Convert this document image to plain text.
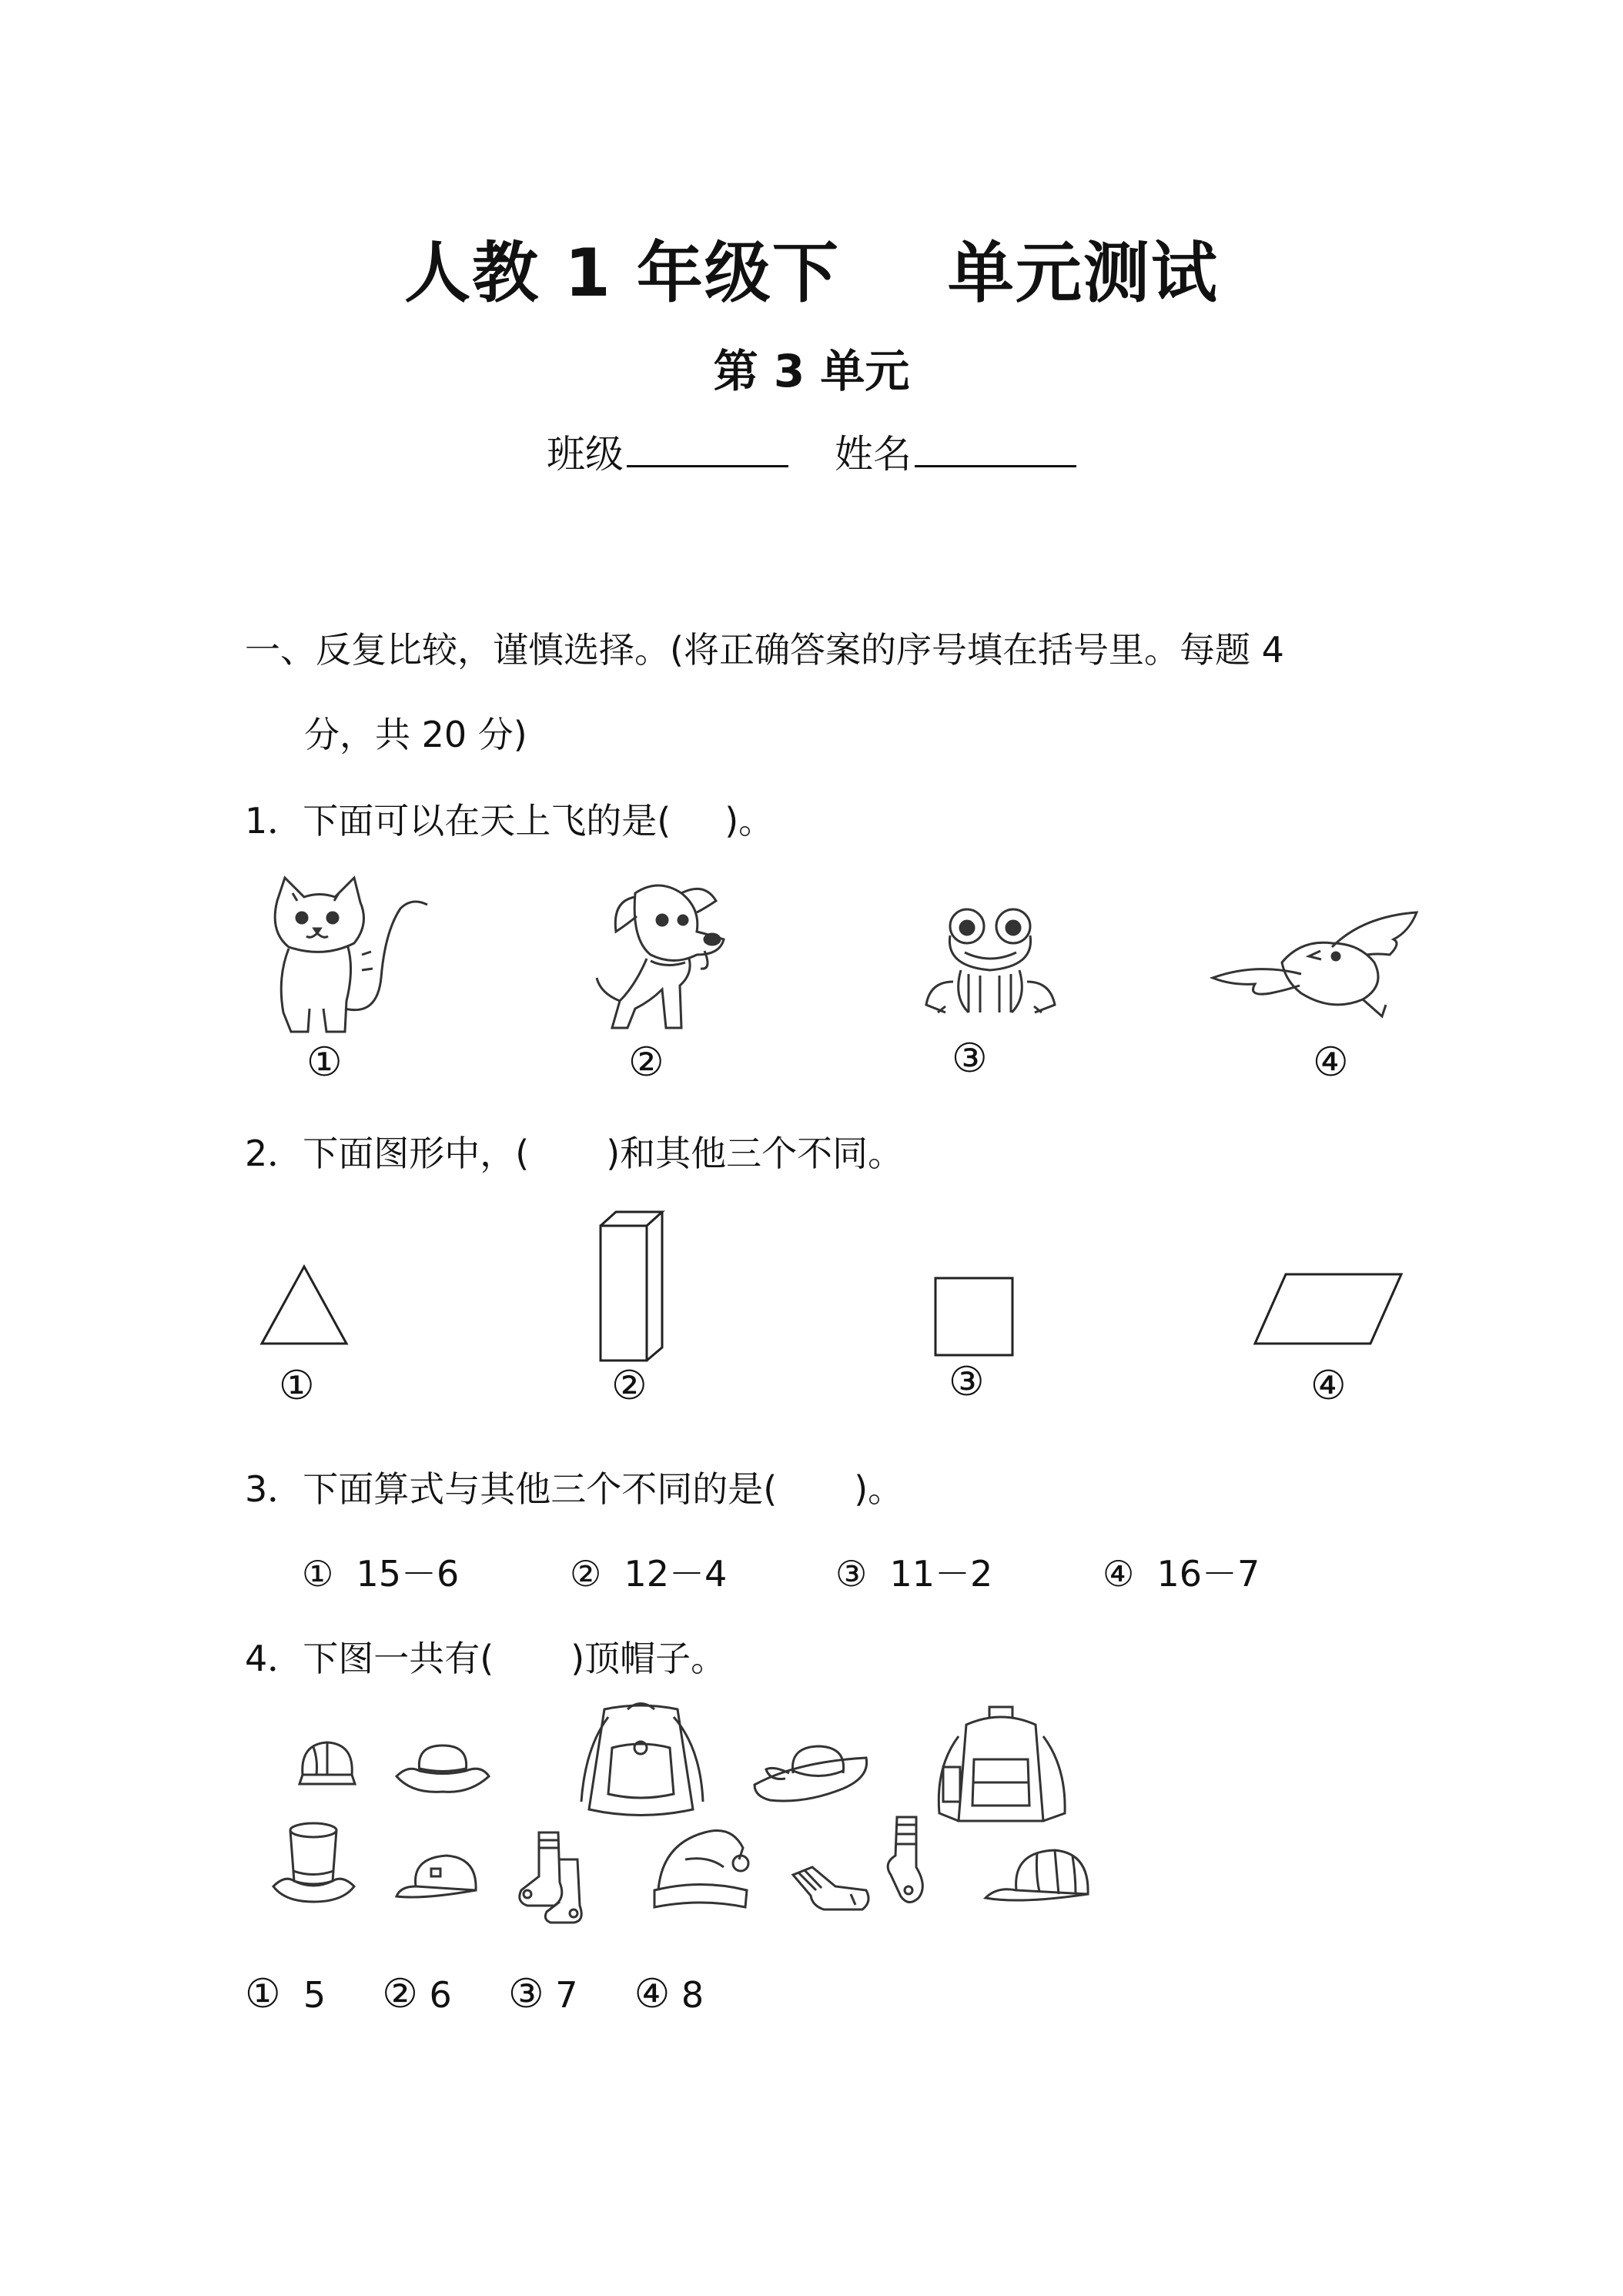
人教 1 年级下 单元测试
第 3 单元
班级	姓名
一、反复比较，谨慎选择。(将正确答案的序号填在括号里。每题 4
分，共 20 分)
1．下面可以在天上飞的是( )。
①	②	③	④
2．下面图形中，( )和其他三个不同。
①	②	③	④
3．下面算式与其他三个不同的是( )。
① 15－6	② 12－4	③ 11－2	④ 16－7
4．下图一共有( )顶帽子。
① 5 ② 6 ③ 7 ④ 8
